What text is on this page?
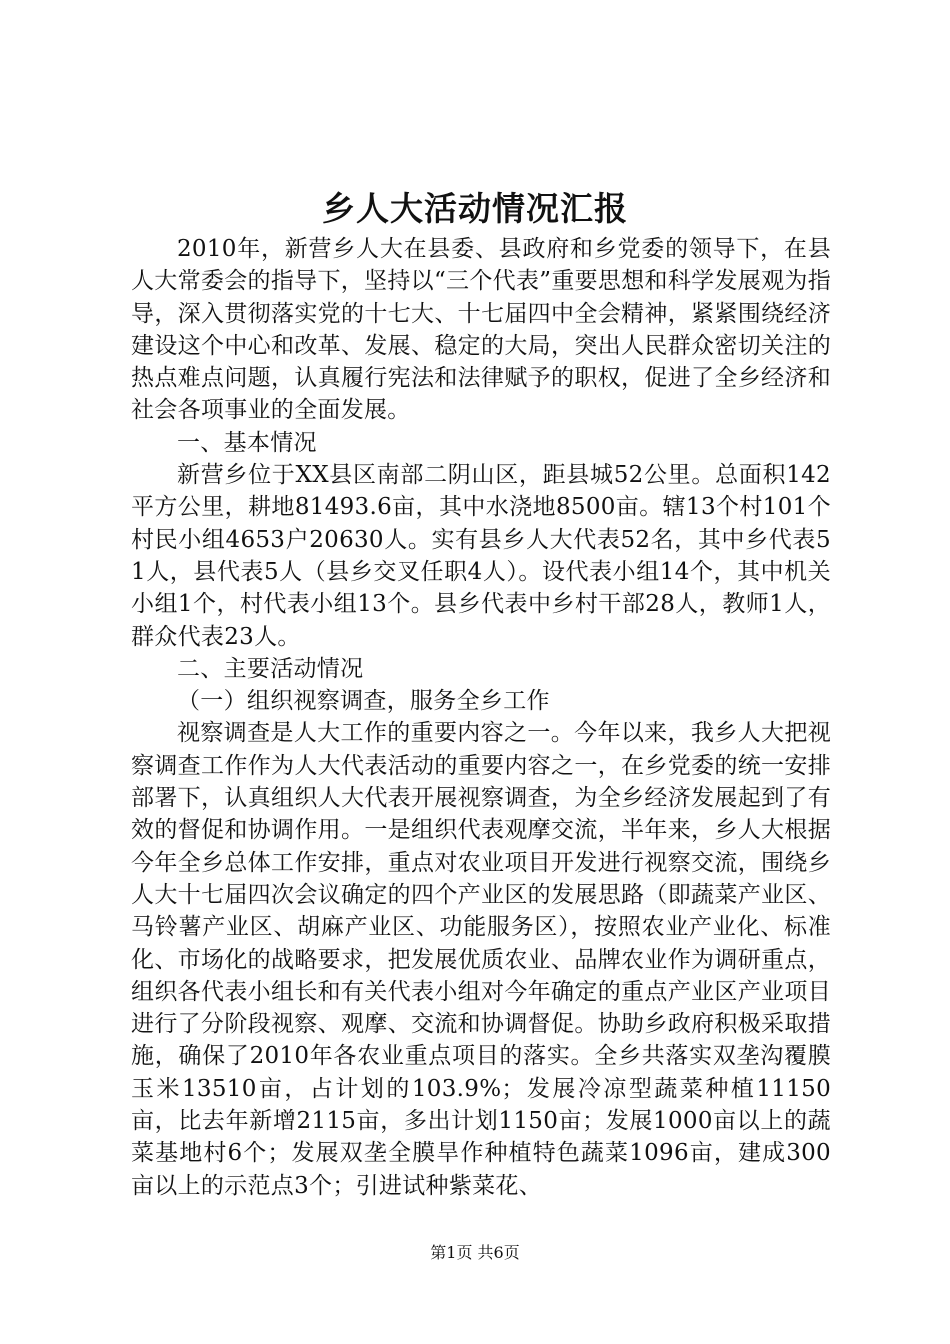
乡人大活动情况汇报

2010年，新营乡人大在县委、县政府和乡党委的领导下，在县人大常委会的指导下，坚持以“三个代表”重要思想和科学发展观为指导，深入贯彻落实党的十七大、十七届四中全会精神，紧紧围绕经济建设这个中心和改革、发展、稳定的大局，突出人民群众密切关注的热点难点问题，认真履行宪法和法律赋予的职权，促进了全乡经济和社会各项事业的全面发展。

一、基本情况

新营乡位于XX县区南部二阴山区，距县城52公里。总面积142平方公里，耕地81493.6亩，其中水浇地8500亩。辖13个村101个村民小组4653户20630人。实有县乡人大代表52名，其中乡代表51人，县代表5人（县乡交叉任职4人）。设代表小组14个，其中机关小组1个，村代表小组13个。县乡代表中乡村干部28人，教师1人，群众代表23人。

二、主要活动情况

（一）组织视察调查，服务全乡工作

视察调查是人大工作的重要内容之一。今年以来，我乡人大把视察调查工作作为人大代表活动的重要内容之一，在乡党委的统一安排部署下，认真组织人大代表开展视察调查，为全乡经济发展起到了有效的督促和协调作用。一是组织代表观摩交流，半年来，乡人大根据今年全乡总体工作安排，重点对农业项目开发进行视察交流，围绕乡人大十七届四次会议确定的四个产业区的发展思路（即蔬菜产业区、马铃薯产业区、胡麻产业区、功能服务区），按照农业产业化、标准化、市场化的战略要求，把发展优质农业、品牌农业作为调研重点，组织各代表小组长和有关代表小组对今年确定的重点产业区产业项目进行了分阶段视察、观摩、交流和协调督促。协助乡政府积极采取措施，确保了2010年各农业重点项目的落实。全乡共落实双垄沟覆膜玉米13510亩，占计划的103.9%；发展冷凉型蔬菜种植11150亩，比去年新增2115亩，多出计划1150亩；发展1000亩以上的蔬菜基地村6个；发展双垄全膜旱作种植特色蔬菜1096亩，建成300亩以上的示范点3个；引进试种紫菜花、

第1页 共6页
